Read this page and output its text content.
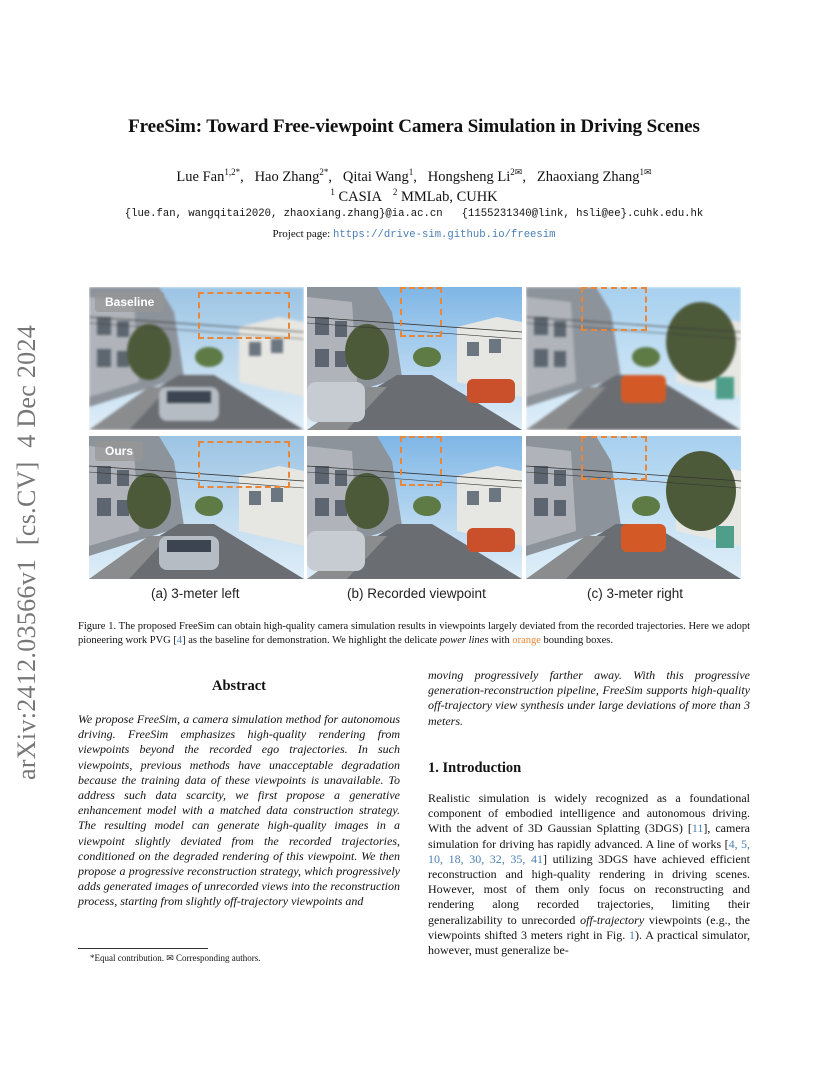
FreeSim: Toward Free-viewpoint Camera Simulation in Driving Scenes
Lue Fan$^{1,2*}$,   Hao Zhang$^{2*}$,   Qitai Wang$^1$,   Hongsheng $Li^{2✉}$,   Zhaoxiang Zhang$^{1✉}$
$^1$ CASIA $^2$ MMLab, CUHK
{lue.fan, wangqitai2020, zhaoxiang.zhang}@ia.ac.cn   {1155231340@link, hsli@ee}.cuhk.edu.hk
Project page: https://drive-sim.github.io/freesim
arXiv:2412.03566v1  [cs.CV]  4 Dec 2024
Baseline
Ours
(a) 3-meter left	(b) Recorded viewpoint	(c) 3-meter right
Figure 1. The proposed FreeSim can obtain high-quality camera simulation results in viewpoints largely deviated from the recorded trajectories. Here we adopt pioneering work PVG [4] as the baseline for demonstration. We highlight the delicate power lines with orange bounding boxes.
Abstract
We propose FreeSim, a camera simulation method for autonomous driving. FreeSim emphasizes high-quality rendering from viewpoints beyond the recorded ego trajectories. In such viewpoints, previous methods have unacceptable degradation because the training data of these viewpoints is unavailable. To address such data scarcity, we first propose a generative enhancement model with a matched data construction strategy. The resulting model can generate high-quality images in a viewpoint slightly deviated from the recorded trajectories, conditioned on the degraded rendering of this viewpoint. We then propose a progressive reconstruction strategy, which progressively adds generated images of unrecorded views into the reconstruction process, starting from slightly off-trajectory viewpoints and
moving progressively farther away. With this progressive generation-reconstruction pipeline, FreeSim supports high-quality off-trajectory view synthesis under large deviations of more than 3 meters.
1. Introduction
Realistic simulation is widely recognized as a foundational component of embodied intelligence and autonomous driving. With the advent of 3D Gaussian Splatting (3DGS) [11], camera simulation for driving has rapidly advanced. A line of works [4, 5, 10, 18, 30, 32, 35, 41] utilizing 3DGS have achieved efficient reconstruction and high-quality rendering in driving scenes. However, most of them only focus on reconstructing and rendering along recorded trajectories, limiting their generalizability to unrecorded off-trajectory viewpoints (e.g., the viewpoints shifted 3 meters right in Fig. 1). A practical simulator, however, must generalize be-
*Equal contribution. ✉ Corresponding authors.
